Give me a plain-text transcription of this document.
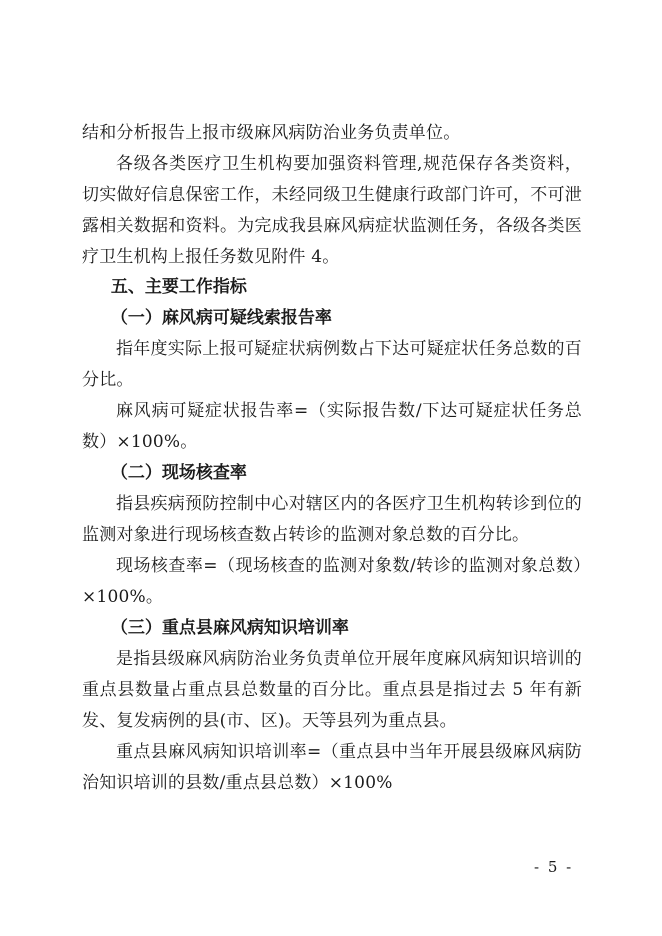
结和分析报告上报市级麻风病防治业务负责单位。
各级各类医疗卫生机构要加强资料管理,规范保存各类资料，切实做好信息保密工作，未经同级卫生健康行政部门许可，不可泄露相关数据和资料。为完成我县麻风病症状监测任务，各级各类医疗卫生机构上报任务数见附件 4。
五、主要工作指标
（一）麻风病可疑线索报告率
指年度实际上报可疑症状病例数占下达可疑症状任务总数的百分比。
麻风病可疑症状报告率=（实际报告数/下达可疑症状任务总数）×100%。
（二）现场核查率
指县疾病预防控制中心对辖区内的各医疗卫生机构转诊到位的监测对象进行现场核查数占转诊的监测对象总数的百分比。
现场核查率=（现场核查的监测对象数/转诊的监测对象总数）×100%。
（三）重点县麻风病知识培训率
是指县级麻风病防治业务负责单位开展年度麻风病知识培训的重点县数量占重点县总数量的百分比。重点县是指过去 5 年有新发、复发病例的县(市、区)。天等县列为重点县。
重点县麻风病知识培训率=（重点县中当年开展县级麻风病防治知识培训的县数/重点县总数）×100%
- 5 -
